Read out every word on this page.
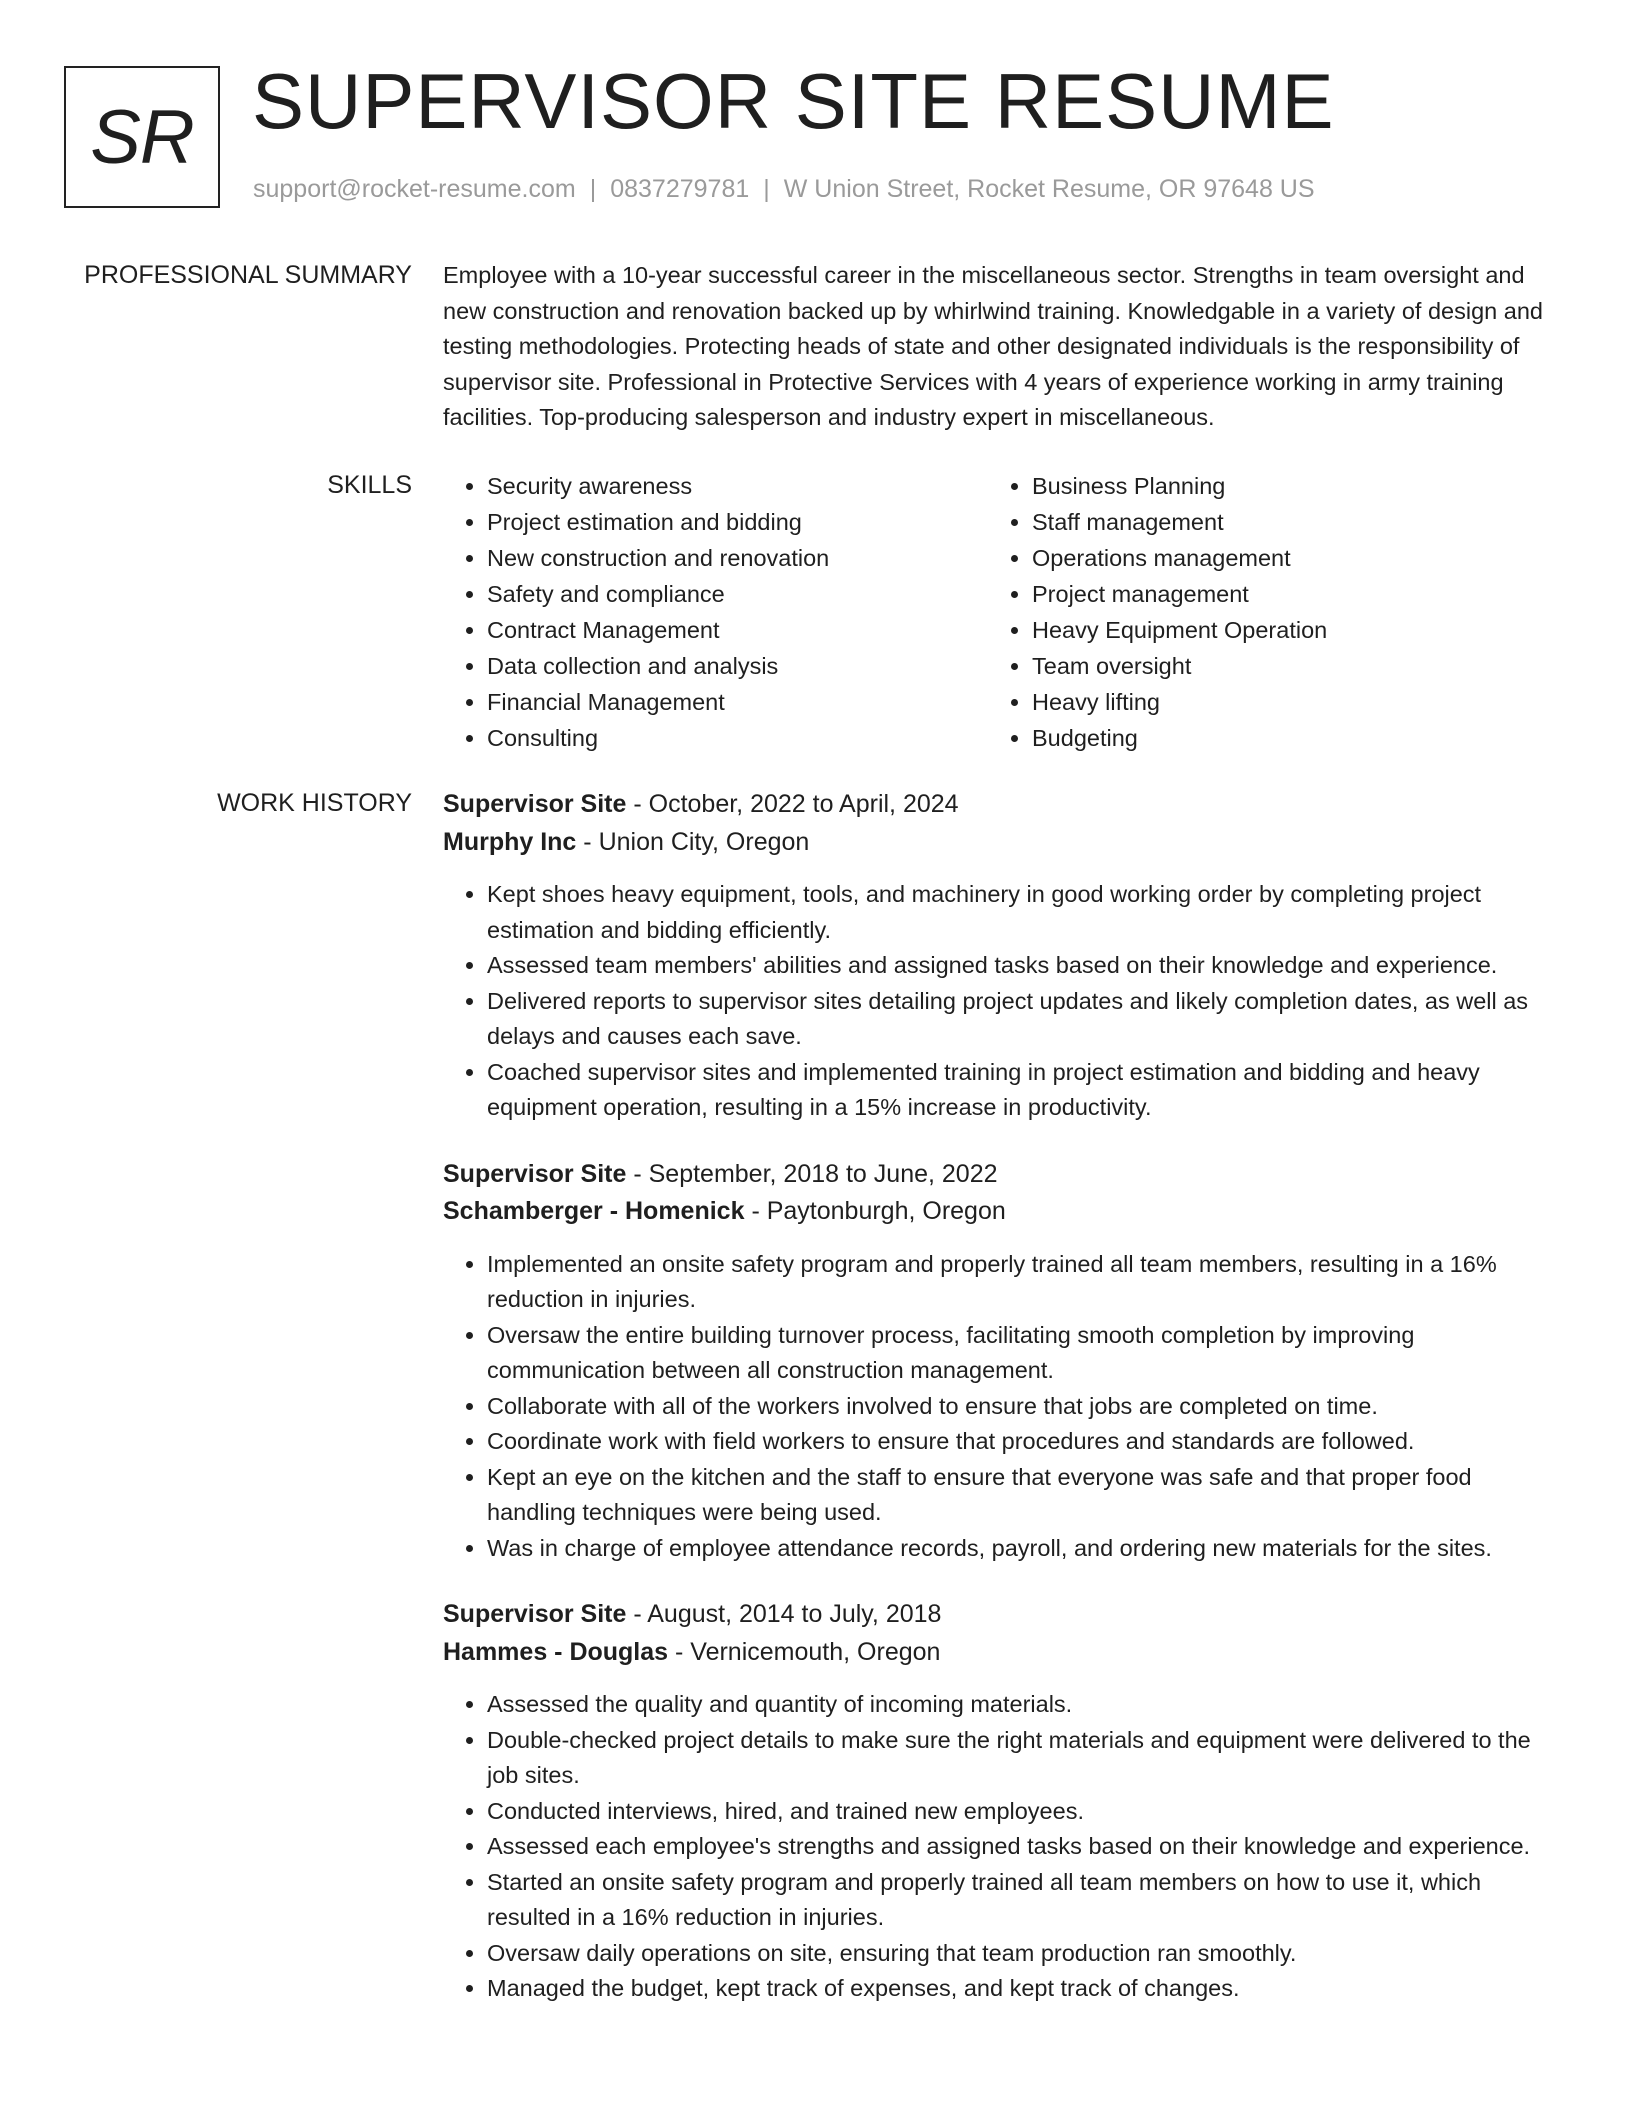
SR SUPERVISOR SITE RESUME
support@rocket-resume.com | 0837279781 | W Union Street, Rocket Resume, OR 97648 US
PROFESSIONAL SUMMARY Employee with a 10-year successful career in the miscellaneous sector. Strengths in team oversight and new construction and renovation backed up by whirlwind training. Knowledgable in a variety of design and testing methodologies. Protecting heads of state and other designated individuals is the responsibility of supervisor site. Professional in Protective Services with 4 years of experience working in army training facilities. Top-producing salesperson and industry expert in miscellaneous.

SKILLS
•	Security awareness
• Project estimation and bidding
• New construction and renovation
• Safety and compliance
• Contract Management
• Data collection and analysis
• Financial Management
• Consulting
• Business Planning
• Staff management
• Operations management
• Project management
• Heavy Equipment Operation
• Team oversight
• Heavy lifting
• Budgeting
WORK HISTORY Supervisor Site - October, 2022 to April, 2024
Murphy Inc - Union City, Oregon
• Kept shoes heavy equipment, tools, and machinery in good working order by completing project estimation and bidding efficiently.
• Assessed team members' abilities and assigned tasks based on their knowledge and experience.
• Delivered reports to supervisor sites detailing project updates and likely completion dates, as well as delays and causes each save.
• Coached supervisor sites and implemented training in project estimation and bidding and heavy equipment operation, resulting in a 15% increase in productivity.
Supervisor Site - September, 2018 to June, 2022
Schamberger - Homenick - Paytonburgh, Oregon
• Implemented an onsite safety program and properly trained all team members, resulting in a 16% reduction in injuries.
• Oversaw the entire building turnover process, facilitating smooth completion by improving communication between all construction management.
• Collaborate with all of the workers involved to ensure that jobs are completed on time.
• Coordinate work with field workers to ensure that procedures and standards are followed.
• Kept an eye on the kitchen and the staff to ensure that everyone was safe and that proper food handling techniques were being used.
• Was in charge of employee attendance records, payroll, and ordering new materials for the sites.
Supervisor Site - August, 2014 to July, 2018
Hammes - Douglas - Vernicemouth, Oregon
• Assessed the quality and quantity of incoming materials.
• Double-checked project details to make sure the right materials and equipment were delivered to the job sites.
• Conducted interviews, hired, and trained new employees.
• Assessed each employee's strengths and assigned tasks based on their knowledge and experience.
• Started an onsite safety program and properly trained all team members on how to use it, which resulted in a 16% reduction in injuries.
• Oversaw daily operations on site, ensuring that team production ran smoothly.
• Managed the budget, kept track of expenses, and kept track of changes.
